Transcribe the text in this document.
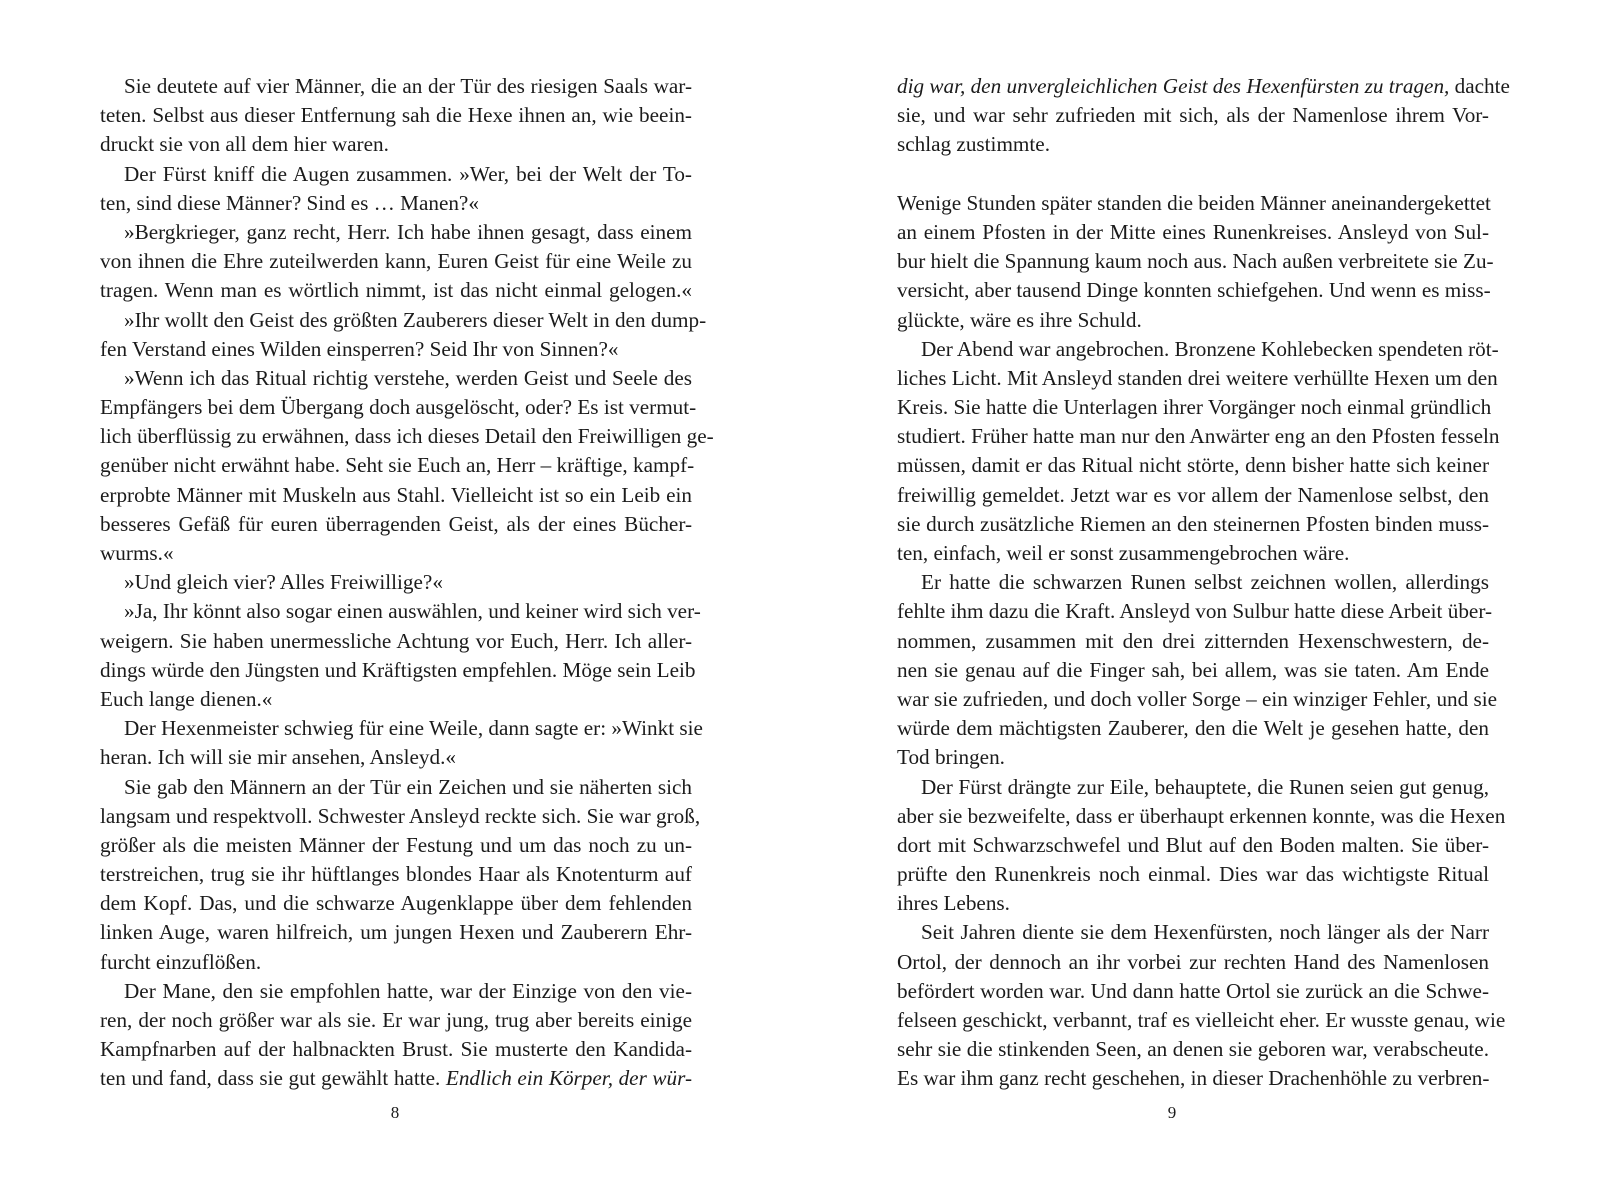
Sie deutete auf vier Männer, die an der Tür des riesigen Saals war-
teten. Selbst aus dieser Entfernung sah die Hexe ihnen an, wie beein-
druckt sie von all dem hier waren.
Der Fürst kniff die Augen zusammen. »Wer, bei der Welt der To-
ten, sind diese Männer? Sind es … Manen?«
»Bergkrieger, ganz recht, Herr. Ich habe ihnen gesagt, dass einem
von ihnen die Ehre zuteilwerden kann, Euren Geist für eine Weile zu
tragen. Wenn man es wörtlich nimmt, ist das nicht einmal gelogen.«
»Ihr wollt den Geist des größten Zauberers dieser Welt in den dump-
fen Verstand eines Wilden einsperren? Seid Ihr von Sinnen?«
»Wenn ich das Ritual richtig verstehe, werden Geist und Seele des
Empfängers bei dem Übergang doch ausgelöscht, oder? Es ist vermut-
lich überflüssig zu erwähnen, dass ich dieses Detail den Freiwilligen ge-
genüber nicht erwähnt habe. Seht sie Euch an, Herr – kräftige, kampf-
erprobte Männer mit Muskeln aus Stahl. Vielleicht ist so ein Leib ein
besseres Gefäß für euren überragenden Geist, als der eines Bücher-
wurms.«
»Und gleich vier? Alles Freiwillige?«
»Ja, Ihr könnt also sogar einen auswählen, und keiner wird sich ver-
weigern. Sie haben unermessliche Achtung vor Euch, Herr. Ich aller-
dings würde den Jüngsten und Kräftigsten empfehlen. Möge sein Leib
Euch lange dienen.«
Der Hexenmeister schwieg für eine Weile, dann sagte er: »Winkt sie
heran. Ich will sie mir ansehen, Ansleyd.«
Sie gab den Männern an der Tür ein Zeichen und sie näherten sich
langsam und respektvoll. Schwester Ansleyd reckte sich. Sie war groß,
größer als die meisten Männer der Festung und um das noch zu un-
terstreichen, trug sie ihr hüftlanges blondes Haar als Knotenturm auf
dem Kopf. Das, und die schwarze Augenklappe über dem fehlenden
linken Auge, waren hilfreich, um jungen Hexen und Zauberern Ehr-
furcht einzuflößen.
Der Mane, den sie empfohlen hatte, war der Einzige von den vie-
ren, der noch größer war als sie. Er war jung, trug aber bereits einige
Kampfnarben auf der halbnackten Brust. Sie musterte den Kandida-
ten und fand, dass sie gut gewählt hatte. Endlich ein Körper, der wür-
8
dig war, den unvergleichlichen Geist des Hexenfürsten zu tragen, dachte
sie, und war sehr zufrieden mit sich, als der Namenlose ihrem Vor-
schlag zustimmte.
Wenige Stunden später standen die beiden Männer aneinandergekettet
an einem Pfosten in der Mitte eines Runenkreises. Ansleyd von Sul-
bur hielt die Spannung kaum noch aus. Nach außen verbreitete sie Zu-
versicht, aber tausend Dinge konnten schiefgehen. Und wenn es miss-
glückte, wäre es ihre Schuld.
Der Abend war angebrochen. Bronzene Kohlebecken spendeten röt-
liches Licht. Mit Ansleyd standen drei weitere verhüllte Hexen um den
Kreis. Sie hatte die Unterlagen ihrer Vorgänger noch einmal gründlich
studiert. Früher hatte man nur den Anwärter eng an den Pfosten fesseln
müssen, damit er das Ritual nicht störte, denn bisher hatte sich keiner
freiwillig gemeldet. Jetzt war es vor allem der Namenlose selbst, den
sie durch zusätzliche Riemen an den steinernen Pfosten binden muss-
ten, einfach, weil er sonst zusammengebrochen wäre.
Er hatte die schwarzen Runen selbst zeichnen wollen, allerdings
fehlte ihm dazu die Kraft. Ansleyd von Sulbur hatte diese Arbeit über-
nommen, zusammen mit den drei zitternden Hexenschwestern, de-
nen sie genau auf die Finger sah, bei allem, was sie taten. Am Ende
war sie zufrieden, und doch voller Sorge – ein winziger Fehler, und sie
würde dem mächtigsten Zauberer, den die Welt je gesehen hatte, den
Tod bringen.
Der Fürst drängte zur Eile, behauptete, die Runen seien gut genug,
aber sie bezweifelte, dass er überhaupt erkennen konnte, was die Hexen
dort mit Schwarzschwefel und Blut auf den Boden malten. Sie über-
prüfte den Runenkreis noch einmal. Dies war das wichtigste Ritual
ihres Lebens.
Seit Jahren diente sie dem Hexenfürsten, noch länger als der Narr
Ortol, der dennoch an ihr vorbei zur rechten Hand des Namenlosen
befördert worden war. Und dann hatte Ortol sie zurück an die Schwe-
felseen geschickt, verbannt, traf es vielleicht eher. Er wusste genau, wie
sehr sie die stinkenden Seen, an denen sie geboren war, verabscheute.
Es war ihm ganz recht geschehen, in dieser Drachenhöhle zu verbren-
9
